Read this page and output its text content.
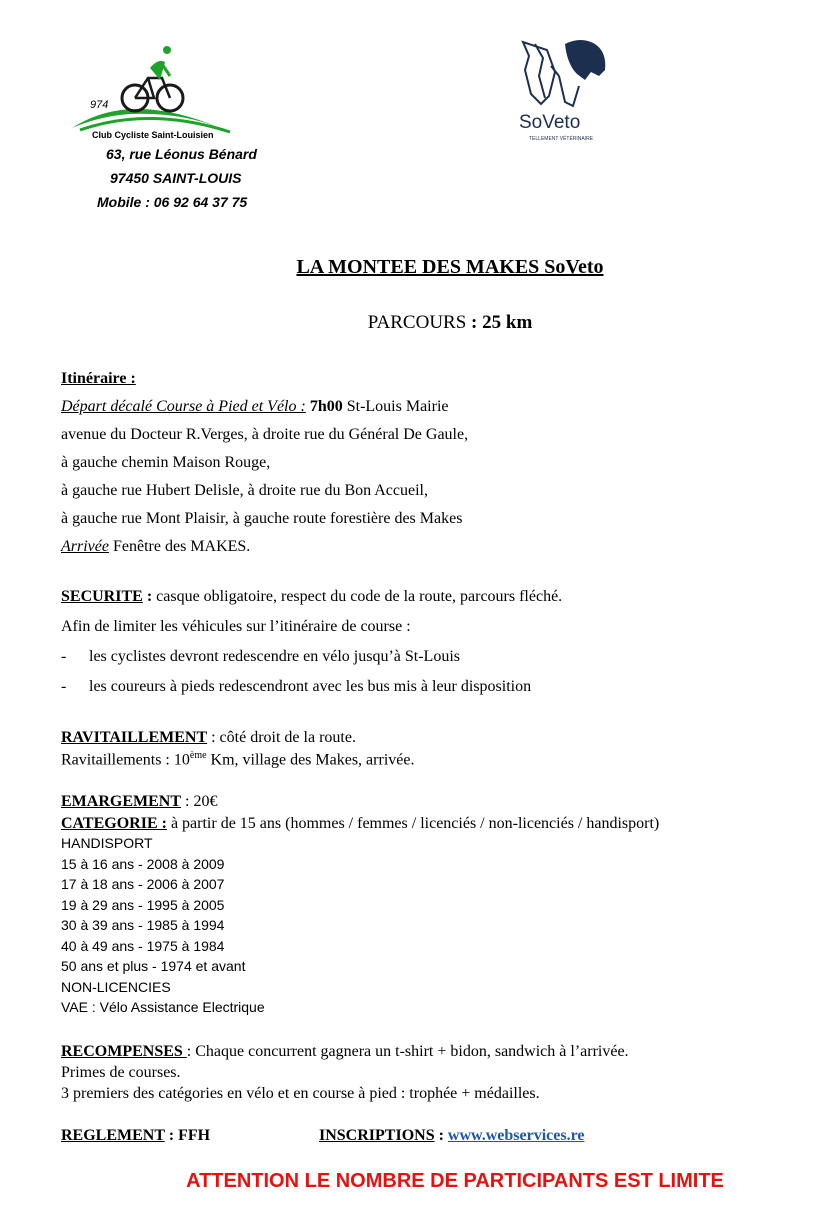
974
Club Cycliste Saint-Louisien
63, rue Léonus Bénard
97450 SAINT-LOUIS
Mobile : 06 92 64 37 75
SoVeto
TELLEMENT VÉTÉRINAIRE
LA MONTEE DES MAKES SoVeto
PARCOURS : 25 km
Itinéraire :
Départ décalé Course à Pied et Vélo : 7h00 St-Louis Mairie
avenue du Docteur R.Verges, à droite rue du Général De Gaule,
à gauche chemin Maison Rouge,
à gauche rue Hubert Delisle, à droite rue du Bon Accueil,
à gauche rue Mont Plaisir, à gauche route forestière des Makes
Arrivée Fenêtre des MAKES.
SECURITE : casque obligatoire, respect du code de la route, parcours fléché.
Afin de limiter les véhicules sur l’itinéraire de course :
- les cyclistes devront redescendre en vélo jusqu’à St-Louis
- les coureurs à pieds redescendront avec les bus mis à leur disposition
RAVITAILLEMENT : côté droit de la route.
Ravitaillements : 10ème Km, village des Makes, arrivée.
EMARGEMENT : 20€
CATEGORIE : à partir de 15 ans (hommes / femmes / licenciés / non-licenciés / handisport)
HANDISPORT
15 à 16 ans - 2008 à 2009
17 à 18 ans - 2006 à 2007
19 à 29 ans - 1995 à 2005
30 à 39 ans - 1985 à 1994
40 à 49 ans - 1975 à 1984
50 ans et plus - 1974 et avant
NON-LICENCIES
VAE : Vélo Assistance Electrique
RECOMPENSES : Chaque concurrent gagnera un t-shirt + bidon, sandwich à l’arrivée.
Primes de courses.
3 premiers des catégories en vélo et en course à pied : trophée + médailles.
REGLEMENT : FFH	INSCRIPTIONS : www.webservices.re
ATTENTION LE NOMBRE DE PARTICIPANTS EST LIMITE
